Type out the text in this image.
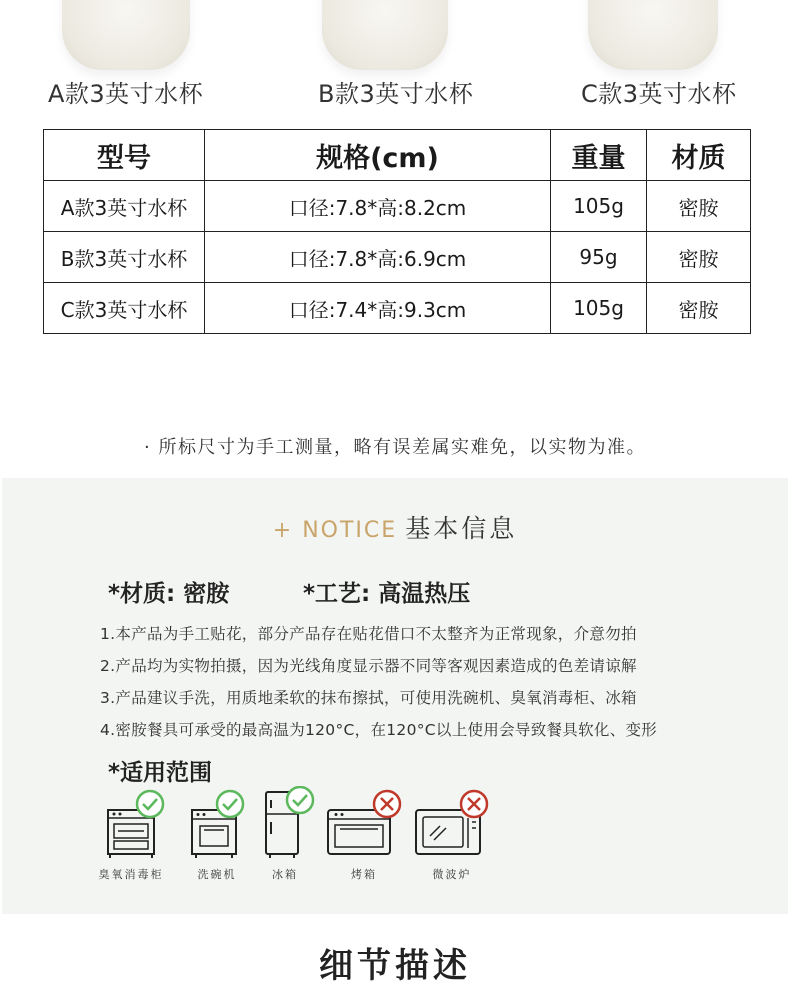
A款3英寸水杯	B款3英寸水杯	C款3英寸水杯
型号	规格(cm)	重量	材质
A款3英寸水杯	口径:7.8*高:8.2cm	105g	密胺
B款3英寸水杯	口径:7.8*高:6.9cm	95g	密胺
C款3英寸水杯	口径:7.4*高:9.3cm	105g	密胺
· 所标尺寸为手工测量，略有误差属实难免，以实物为准。
+ NOTICE 基本信息
*材质: 密胺	*工艺: 高温热压
1.本产品为手工贴花，部分产品存在贴花借口不太整齐为正常现象，介意勿拍
2.产品均为实物拍摄，因为光线角度显示器不同等客观因素造成的色差请谅解
3.产品建议手洗，用质地柔软的抹布擦拭，可使用洗碗机、臭氧消毒柜、冰箱
4.密胺餐具可承受的最高温为120°C，在120°C以上使用会导致餐具软化、变形
*适用范围
臭氧消毒柜	洗碗机	冰箱	烤箱	微波炉
细节描述
